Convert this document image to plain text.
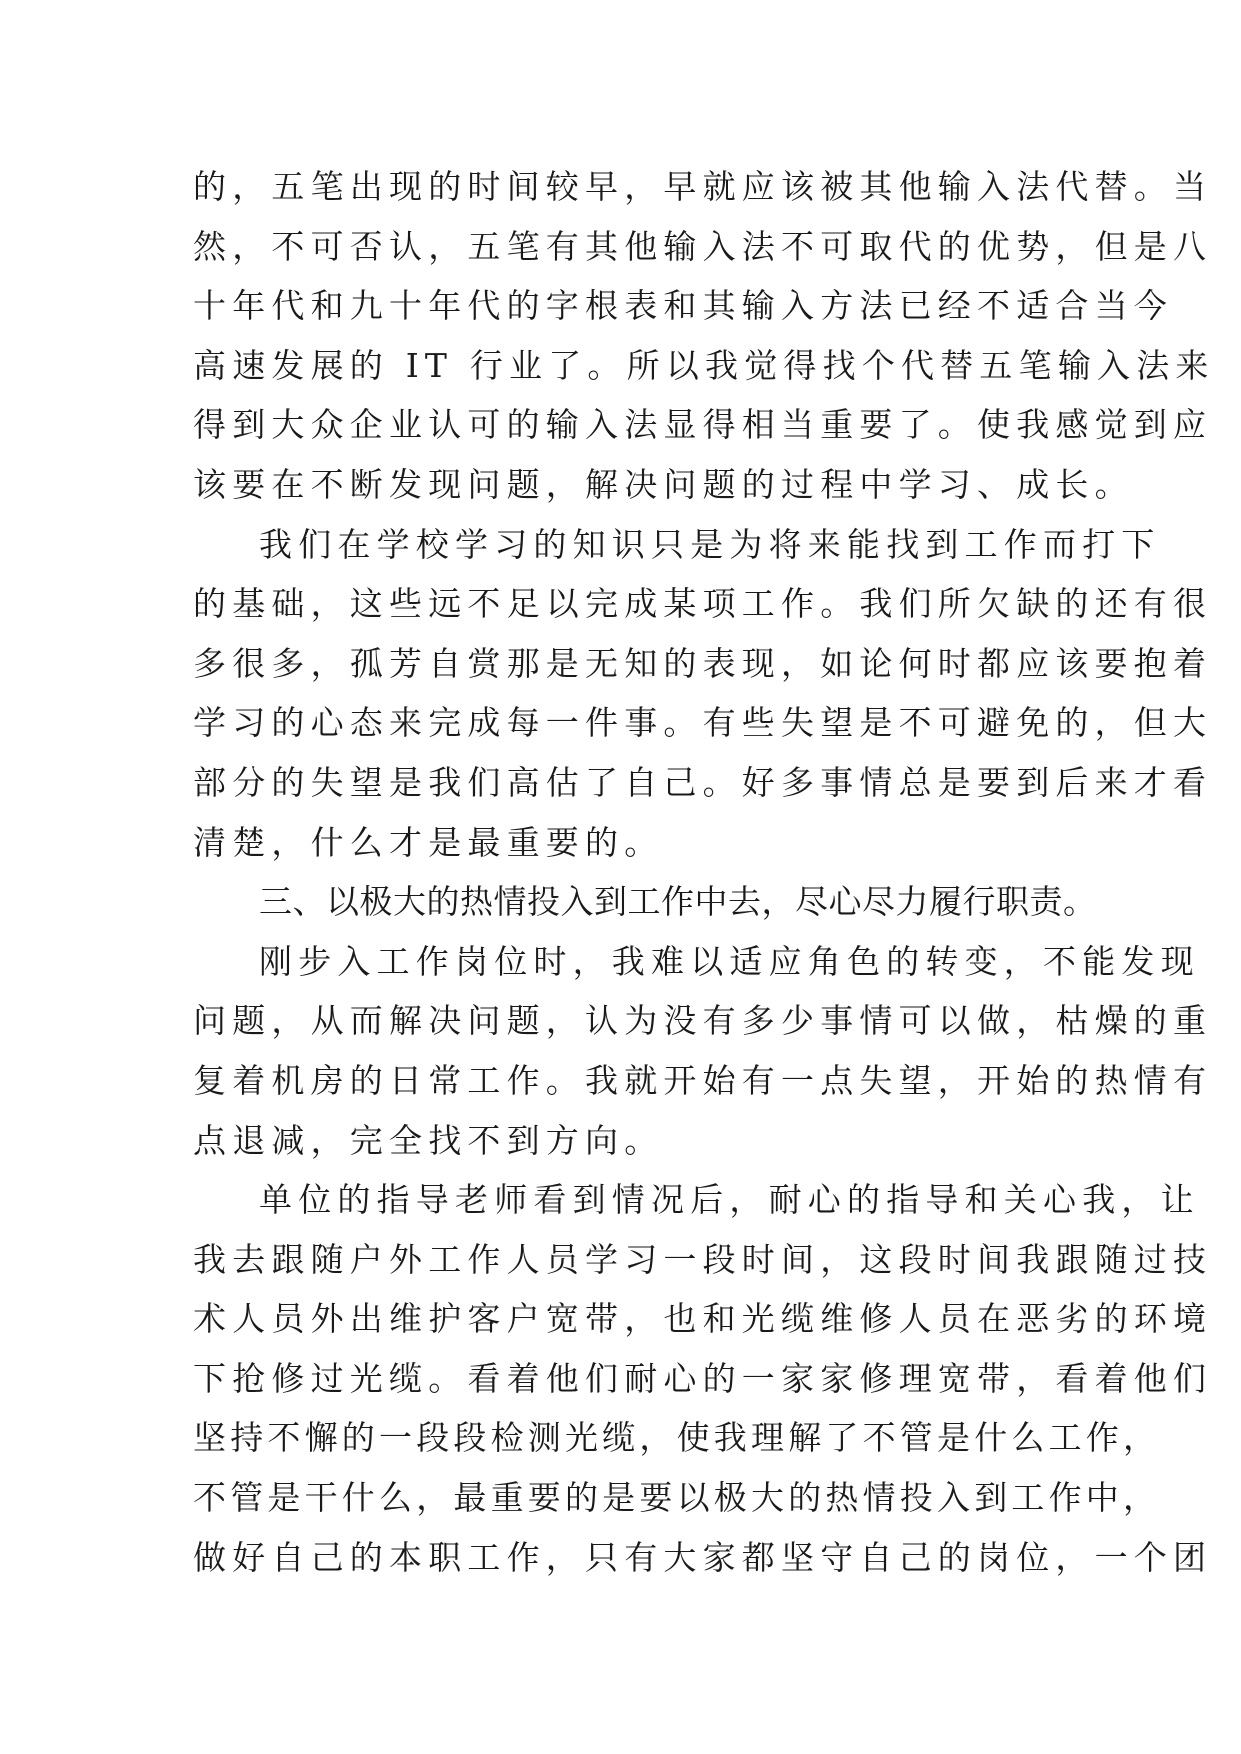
的，五笔出现的时间较早，早就应该被其他输入法代替。当
然，不可否认，五笔有其他输入法不可取代的优势，但是八
十年代和九十年代的字根表和其输入方法已经不适合当今
高速发展的 IT 行业了。所以我觉得找个代替五笔输入法来
得到大众企业认可的输入法显得相当重要了。使我感觉到应
该要在不断发现问题，解决问题的过程中学习、成长。
我们在学校学习的知识只是为将来能找到工作而打下
的基础，这些远不足以完成某项工作。我们所欠缺的还有很
多很多，孤芳自赏那是无知的表现，如论何时都应该要抱着
学习的心态来完成每一件事。有些失望是不可避免的，但大
部分的失望是我们高估了自己。好多事情总是要到后来才看
清楚，什么才是最重要的。
三、以极大的热情投入到工作中去，尽心尽力履行职责。
刚步入工作岗位时，我难以适应角色的转变，不能发现
问题，从而解决问题，认为没有多少事情可以做，枯燥的重
复着机房的日常工作。我就开始有一点失望，开始的热情有
点退减，完全找不到方向。
单位的指导老师看到情况后，耐心的指导和关心我，让
我去跟随户外工作人员学习一段时间，这段时间我跟随过技
术人员外出维护客户宽带，也和光缆维修人员在恶劣的环境
下抢修过光缆。看着他们耐心的一家家修理宽带，看着他们
坚持不懈的一段段检测光缆，使我理解了不管是什么工作，
不管是干什么，最重要的是要以极大的热情投入到工作中，
做好自己的本职工作，只有大家都坚守自己的岗位，一个团
